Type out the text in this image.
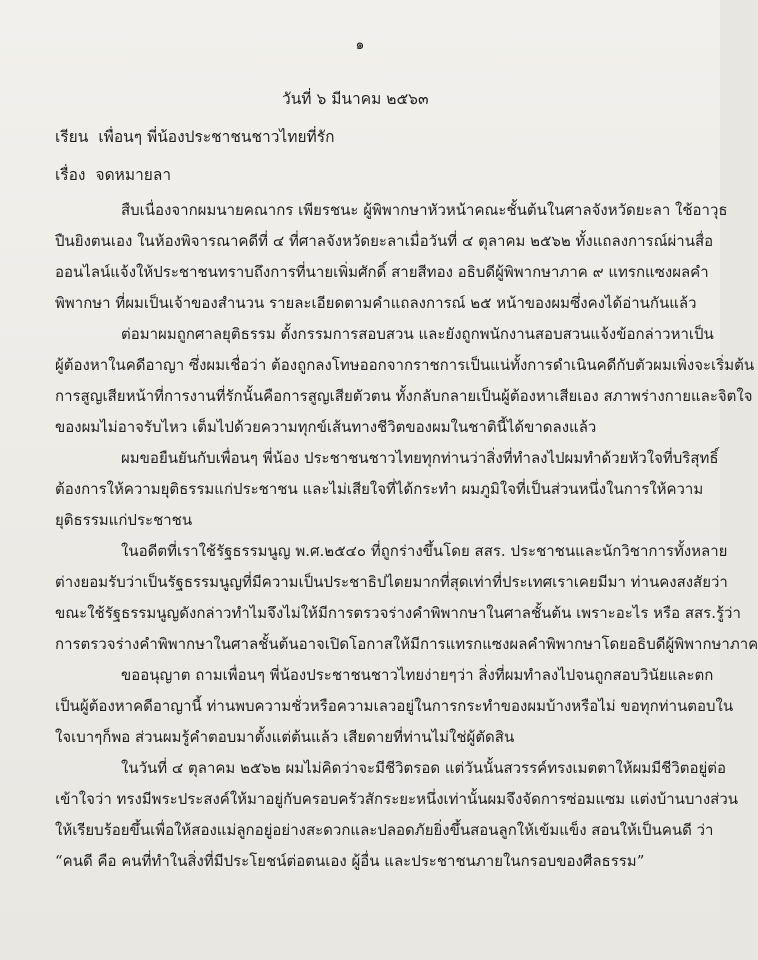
๑
วันที่ ๖ มีนาคม ๒๕๖๓
เรียน เพื่อนๆ พี่น้องประชาชนชาวไทยที่รัก
เรื่อง จดหมายลา

สืบเนื่องจากผมนายคณากร เพียรชนะ ผู้พิพากษาหัวหน้าคณะชั้นต้นในศาลจังหวัดยะลา ใช้อาวุธ
ปืนยิงตนเอง ในห้องพิจารณาคดีที่ ๔ ที่ศาลจังหวัดยะลาเมื่อวันที่ ๔ ตุลาคม ๒๕๖๒ ทั้งแถลงการณ์ผ่านสื่อ
ออนไลน์แจ้งให้ประชาชนทราบถึงการที่นายเพิ่มศักดิ์ สายสีทอง อธิบดีผู้พิพากษาภาค ๙ แทรกแซงผลคำ
พิพากษา ที่ผมเป็นเจ้าของสำนวน รายละเอียดตามคำแถลงการณ์ ๒๕ หน้าของผมซึ่งคงได้อ่านกันแล้ว

ต่อมาผมถูกศาลยุติธรรม ตั้งกรรมการสอบสวน และยังถูกพนักงานสอบสวนแจ้งข้อกล่าวหาเป็น
ผู้ต้องหาในคดีอาญา ซึ่งผมเชื่อว่า ต้องถูกลงโทษออกจากราชการเป็นแน่ทั้งการดำเนินคดีกับตัวผมเพิ่งจะเริ่มต้น
การสูญเสียหน้าที่การงานที่รักนั้นคือการสูญเสียตัวตน ทั้งกลับกลายเป็นผู้ต้องหาเสียเอง สภาพร่างกายและจิตใจ
ของผมไม่อาจรับไหว เต็มไปด้วยความทุกข์เส้นทางชีวิตของผมในชาตินี้ได้ขาดลงแล้ว

ผมขอยืนยันกับเพื่อนๆ พี่น้อง ประชาชนชาวไทยทุกท่านว่าสิ่งที่ทำลงไปผมทำด้วยหัวใจที่บริสุทธิ์
ต้องการให้ความยุติธรรมแก่ประชาชน และไม่เสียใจที่ได้กระทำ ผมภูมิใจที่เป็นส่วนหนึ่งในการให้ความ
ยุติธรรมแก่ประชาชน

ในอดีตที่เราใช้รัฐธรรมนูญ พ.ศ.๒๕๔๐ ที่ถูกร่างขึ้นโดย สสร. ประชาชนและนักวิชาการทั้งหลาย
ต่างยอมรับว่าเป็นรัฐธรรมนูญที่มีความเป็นประชาธิปไตยมากที่สุดเท่าที่ประเทศเราเคยมีมา ท่านคงสงสัยว่า
ขณะใช้รัฐธรรมนูญดังกล่าวทำไมจึงไม่ให้มีการตรวจร่างคำพิพากษาในศาลชั้นต้น เพราะอะไร หรือ สสร.รู้ว่า
การตรวจร่างคำพิพากษาในศาลชั้นต้นอาจเปิดโอกาสให้มีการแทรกแซงผลคำพิพากษาโดยอธิบดีผู้พิพากษาภาค

ขออนุญาต ถามเพื่อนๆ พี่น้องประชาชนชาวไทยง่ายๆว่า สิ่งที่ผมทำลงไปจนถูกสอบวินัยและตก
เป็นผู้ต้องหาคดีอาญานี้ ท่านพบความชั่วหรือความเลวอยู่ในการกระทำของผมบ้างหรือไม่ ขอทุกท่านตอบใน
ใจเบาๆก็พอ ส่วนผมรู้คำตอบมาตั้งแต่ต้นแล้ว เสียดายที่ท่านไม่ใช่ผู้ตัดสิน

ในวันที่ ๔ ตุลาคม ๒๕๖๒ ผมไม่คิดว่าจะมีชีวิตรอด แต่วันนั้นสวรรค์ทรงเมตตาให้ผมมีชีวิตอยู่ต่อ
เข้าใจว่า ทรงมีพระประสงค์ให้มาอยู่กับครอบครัวสักระยะหนึ่งเท่านั้นผมจึงจัดการซ่อมแซม แต่งบ้านบางส่วน
ให้เรียบร้อยขึ้นเพื่อให้สองแม่ลูกอยู่อย่างสะดวกและปลอดภัยยิ่งขึ้นสอนลูกให้เข้มแข็ง สอนให้เป็นคนดี ว่า
“คนดี คือ คนที่ทำในสิ่งที่มีประโยชน์ต่อตนเอง ผู้อื่น และประชาชนภายในกรอบของศีลธรรม”
